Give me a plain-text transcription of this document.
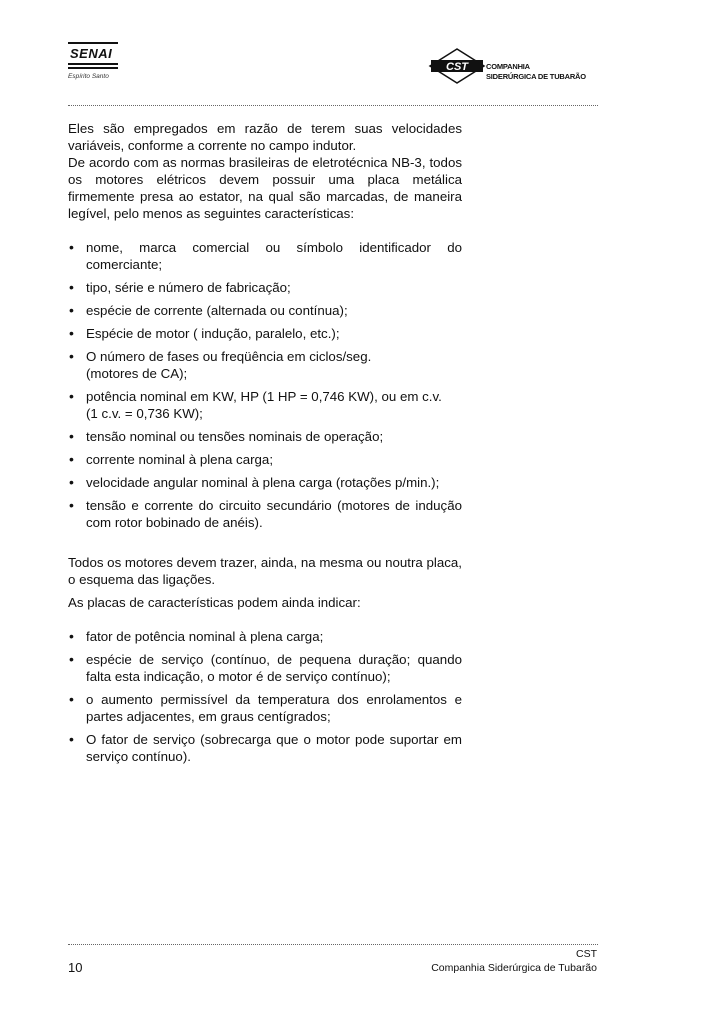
SENAI
Espírito Santo
CST COMPANHIA
SIDERÚRGICA DE TUBARÃO

Eles são empregados em razão de terem suas velocidades variáveis, conforme a corrente no campo indutor.

De acordo com as normas brasileiras de eletrotécnica NB-3, todos os motores elétricos devem possuir uma placa metálica firmemente presa ao estator, na qual são marcadas, de maneira legível, pelo menos as seguintes características:

• nome, marca comercial ou símbolo identificador do
comerciante;
• tipo, série e número de fabricação;
• espécie de corrente (alternada ou contínua);
• Espécie de motor ( indução, paralelo, etc.);
• O número de fases ou freqüência em ciclos/seg.
(motores de CA);
• potência nominal em KW, HP (1 HP = 0,746 KW), ou em c.v.
(1 c.v. = 0,736 KW);
• tensão nominal ou tensões nominais de operação;
• corrente nominal à plena carga;
• velocidade angular nominal à plena carga (rotações p/min.);
• tensão e corrente do circuito secundário (motores de indução com rotor bobinado de anéis).

Todos os motores devem trazer, ainda, na mesma ou noutra placa, o esquema das ligações.

As placas de características podem ainda indicar:

• fator de potência nominal à plena carga;
• espécie de serviço (contínuo, de pequena duração; quando falta esta indicação, o motor é de serviço contínuo);
• o aumento permissível da temperatura dos enrolamentos e partes adjacentes, em graus centígrados;
• O fator de serviço (sobrecarga que o motor pode suportar em serviço contínuo).
10
CST
Companhia Siderúrgica de Tubarão
